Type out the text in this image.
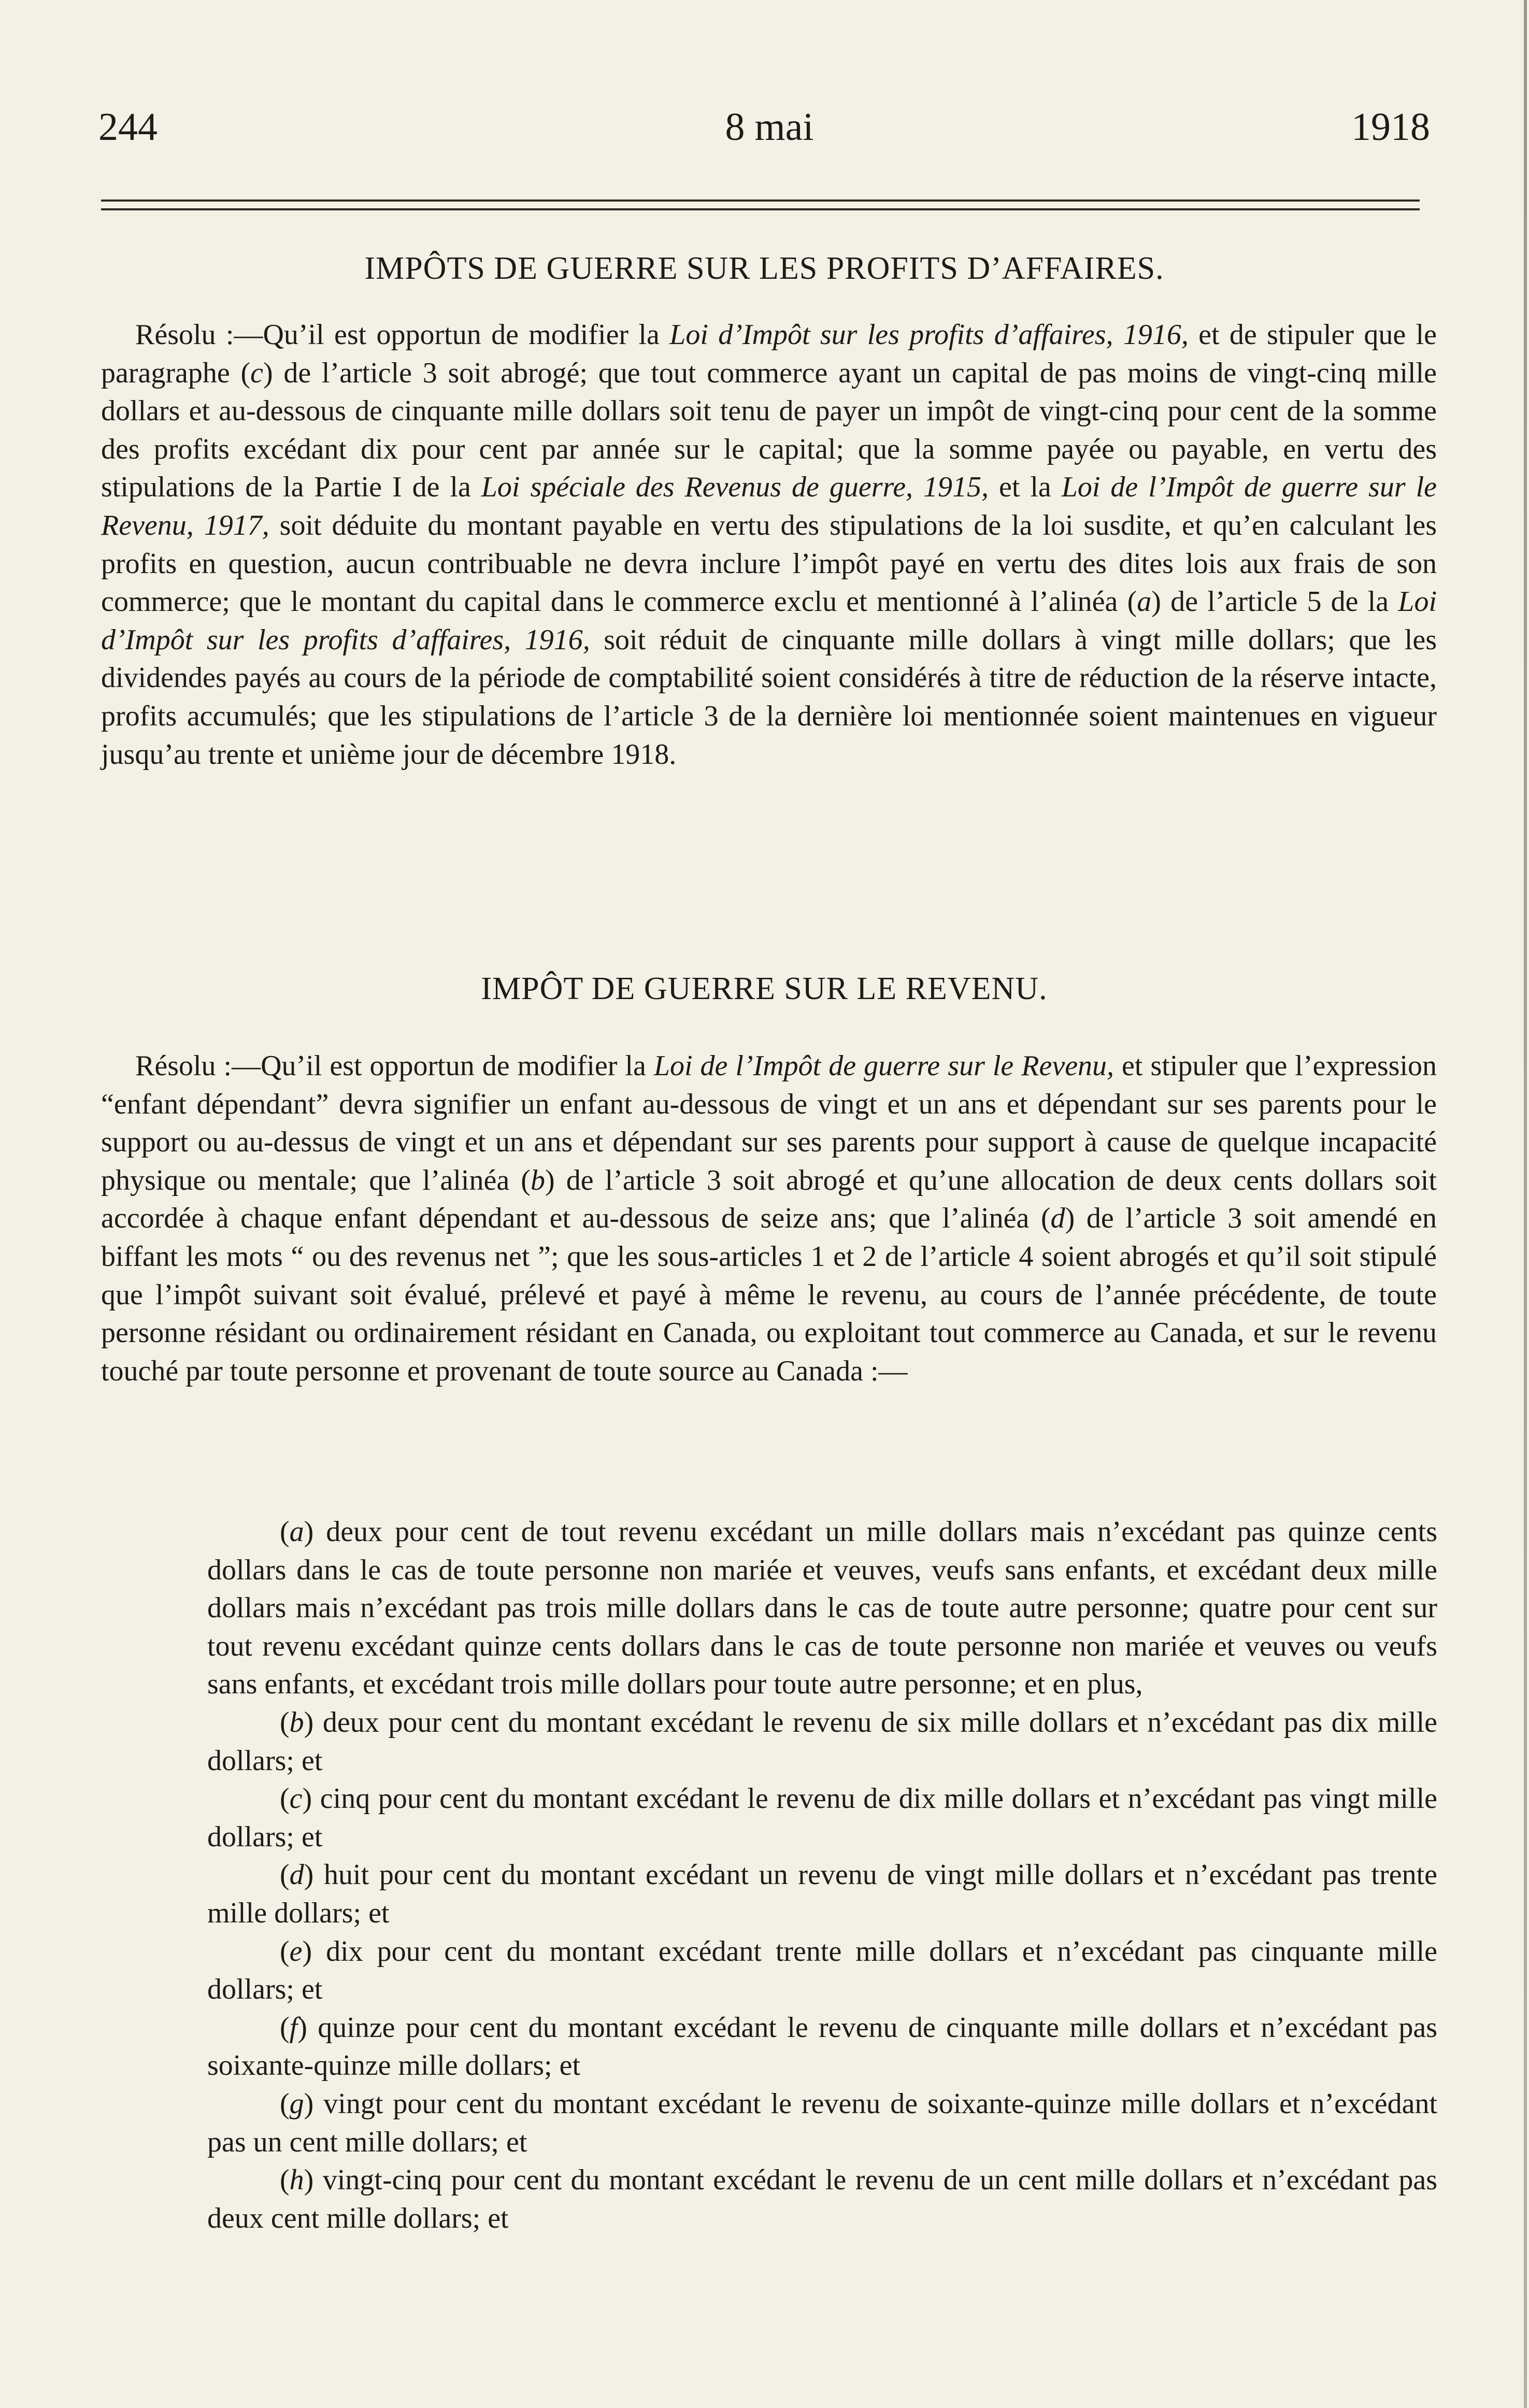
244	8 mai	1918
IMPÔTS DE GUERRE SUR LES PROFITS D’AFFAIRES.
Résolu :—Qu’il est opportun de modifier la Loi d’Impôt sur les profits d’affaires, 1916, et de stipuler que le paragraphe (c) de l’article 3 soit abrogé; que tout commerce ayant un capital de pas moins de vingt-cinq mille dollars et au-dessous de cinquante mille dollars soit tenu de payer un impôt de vingt-cinq pour cent de la somme des profits excédant dix pour cent par année sur le capital; que la somme payée ou payable, en vertu des stipulations de la Partie I de la Loi spéciale des Revenus de guerre, 1915, et la Loi de l’Impôt de guerre sur le Revenu, 1917, soit déduite du montant payable en vertu des stipulations de la loi susdite, et qu’en calculant les profits en question, aucun contribuable ne devra inclure l’impôt payé en vertu des dites lois aux frais de son commerce; que le montant du capital dans le commerce exclu et mentionné à l’alinéa (a) de l’article 5 de la Loi d’Impôt sur les profits d’affaires, 1916, soit réduit de cinquante mille dollars à vingt mille dollars; que les dividendes payés au cours de la période de comptabilité soient considérés à titre de réduction de la réserve intacte, profits accumulés; que les stipulations de l’article 3 de la dernière loi mentionnée soient maintenues en vigueur jusqu’au trente et unième jour de décembre 1918.
IMPÔT DE GUERRE SUR LE REVENU.
Résolu :—Qu’il est opportun de modifier la Loi de l’Impôt de guerre sur le Revenu, et stipuler que l’expression “enfant dépendant” devra signifier un enfant au-dessous de vingt et un ans et dépendant sur ses parents pour le support ou au-dessus de vingt et un ans et dépendant sur ses parents pour support à cause de quelque incapacité physique ou mentale; que l’alinéa (b) de l’article 3 soit abrogé et qu’une allocation de deux cents dollars soit accordée à chaque enfant dépendant et au-dessous de seize ans; que l’alinéa (d) de l’article 3 soit amendé en biffant les mots “ ou des revenus net ”; que les sous-articles 1 et 2 de l’article 4 soient abrogés et qu’il soit stipulé que l’impôt suivant soit évalué, prélevé et payé à même le revenu, au cours de l’année précédente, de toute personne résidant ou ordinairement résidant en Canada, ou exploitant tout commerce au Canada, et sur le revenu touché par toute personne et provenant de toute source au Canada :—

(a) deux pour cent de tout revenu excédant un mille dollars mais n’excédant pas quinze cents dollars dans le cas de toute personne non mariée et veuves, veufs sans enfants, et excédant deux mille dollars mais n’excédant pas trois mille dollars dans le cas de toute autre personne; quatre pour cent sur tout revenu excédant quinze cents dollars dans le cas de toute personne non mariée et veuves ou veufs sans enfants, et excédant trois mille dollars pour toute autre personne; et en plus,

(b) deux pour cent du montant excédant le revenu de six mille dollars et n’excédant pas dix mille dollars; et

(c) cinq pour cent du montant excédant le revenu de dix mille dollars et n’excédant pas vingt mille dollars; et

(d) huit pour cent du montant excédant un revenu de vingt mille dollars et n’excédant pas trente mille dollars; et

(e) dix pour cent du montant excédant trente mille dollars et n’excédant pas cinquante mille dollars; et

(f) quinze pour cent du montant excédant le revenu de cinquante mille dollars et n’excédant pas soixante-quinze mille dollars; et

(g) vingt pour cent du montant excédant le revenu de soixante-quinze mille dollars et n’excédant pas un cent mille dollars; et

(h) vingt-cinq pour cent du montant excédant le revenu de un cent mille dollars et n’excédant pas deux cent mille dollars; et
